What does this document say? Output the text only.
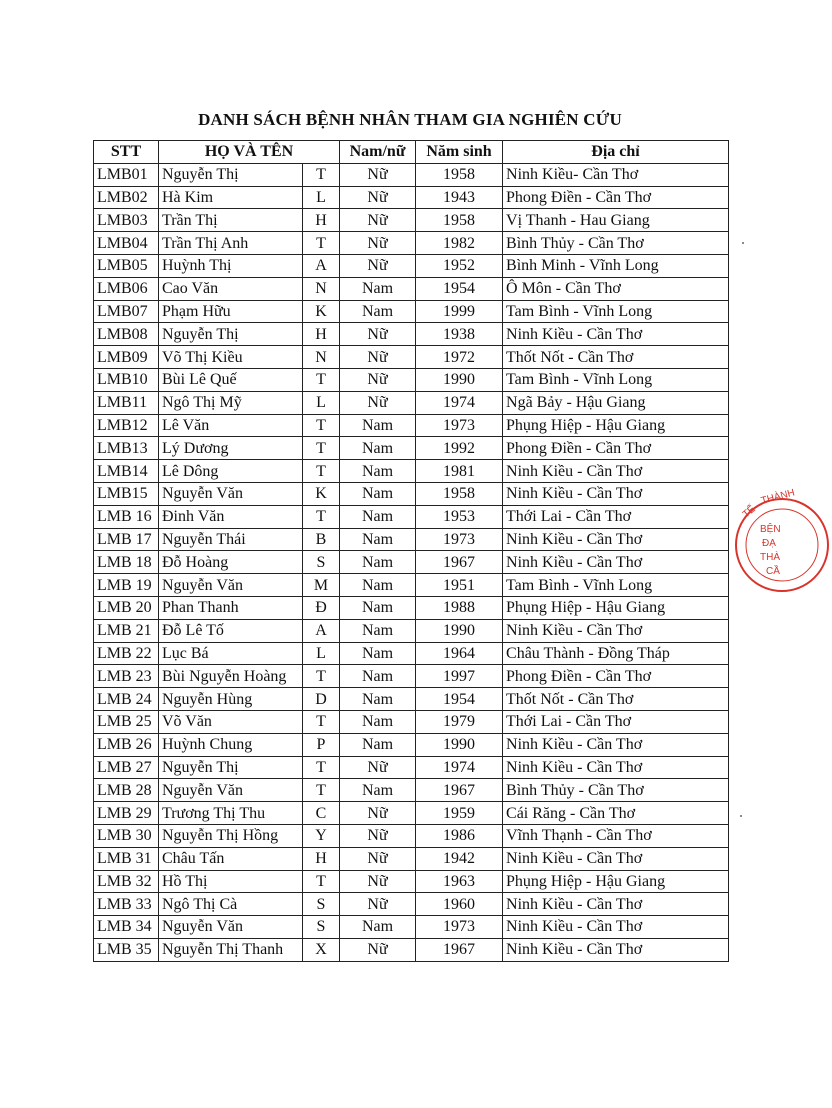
DANH SÁCH BỆNH NHÂN THAM GIA NGHIÊN CỨU
STT	HỌ VÀ TÊN		Nam/nữ	Năm sinh	Địa chỉ
LMB01	Nguyễn Thị	T	Nữ	1958	Ninh Kiều- Cần Thơ
LMB02	Hà Kim	L	Nữ	1943	Phong Điền - Cần Thơ
LMB03	Trần Thị	H	Nữ	1958	Vị Thanh - Hau Giang
LMB04	Trần Thị Anh	T	Nữ	1982	Bình Thủy - Cần Thơ
LMB05	Huỳnh Thị	A	Nữ	1952	Bình Minh - Vĩnh Long
LMB06	Cao Văn	N	Nam	1954	Ô Môn - Cần Thơ
LMB07	Phạm Hữu	K	Nam	1999	Tam Bình - Vĩnh Long
LMB08	Nguyễn Thị	H	Nữ	1938	Ninh Kiều - Cần Thơ
LMB09	Võ Thị Kiều	N	Nữ	1972	Thốt Nốt - Cần Thơ
LMB10	Bùi Lê Quế	T	Nữ	1990	Tam Bình - Vĩnh Long
LMB11	Ngô Thị Mỹ	L	Nữ	1974	Ngã Bảy - Hậu Giang
LMB12	Lê Văn	T	Nam	1973	Phụng Hiệp - Hậu Giang
LMB13	Lý Dương	T	Nam	1992	Phong Điền - Cần Thơ
LMB14	Lê Dông	T	Nam	1981	Ninh Kiều - Cần Thơ
LMB15	Nguyễn Văn	K	Nam	1958	Ninh Kiều - Cần Thơ
LMB 16	Đinh Văn	T	Nam	1953	Thới Lai - Cần Thơ
LMB 17	Nguyễn Thái	B	Nam	1973	Ninh Kiều - Cần Thơ
LMB 18	Đỗ Hoàng	S	Nam	1967	Ninh Kiều - Cần Thơ
LMB 19	Nguyễn Văn	M	Nam	1951	Tam Bình - Vĩnh Long
LMB 20	Phan Thanh	Đ	Nam	1988	Phụng Hiệp - Hậu Giang
LMB 21	Đỗ Lê Tố	A	Nam	1990	Ninh Kiều - Cần Thơ
LMB 22	Lục Bá	L	Nam	1964	Châu Thành - Đồng Tháp
LMB 23	Bùi Nguyễn Hoàng	T	Nam	1997	Phong Điền - Cần Thơ
LMB 24	Nguyễn Hùng	D	Nam	1954	Thốt Nốt - Cần Thơ
LMB 25	Võ Văn	T	Nam	1979	Thới Lai - Cần Thơ
LMB 26	Huỳnh Chung	P	Nam	1990	Ninh Kiều - Cần Thơ
LMB 27	Nguyễn Thị	T	Nữ	1974	Ninh Kiều - Cần Thơ
LMB 28	Nguyễn Văn	T	Nam	1967	Bình Thủy - Cần Thơ
LMB 29	Trương Thị Thu	C	Nữ	1959	Cái Răng - Cần Thơ
LMB 30	Nguyễn Thị Hồng	Y	Nữ	1986	Vĩnh Thạnh - Cần Thơ
LMB 31	Châu Tấn	H	Nữ	1942	Ninh Kiều - Cần Thơ
LMB 32	Hồ Thị	T	Nữ	1963	Phụng Hiệp - Hậu Giang
LMB 33	Ngô Thị Cà	S	Nữ	1960	Ninh Kiều - Cần Thơ
LMB 34	Nguyễn Văn	S	Nam	1973	Ninh Kiều - Cần Thơ
LMB 35	Nguyễn Thị Thanh	X	Nữ	1967	Ninh Kiều - Cần Thơ
TẾ
THÀNH
BỆN
ĐẠ
THÀ
CẦ
